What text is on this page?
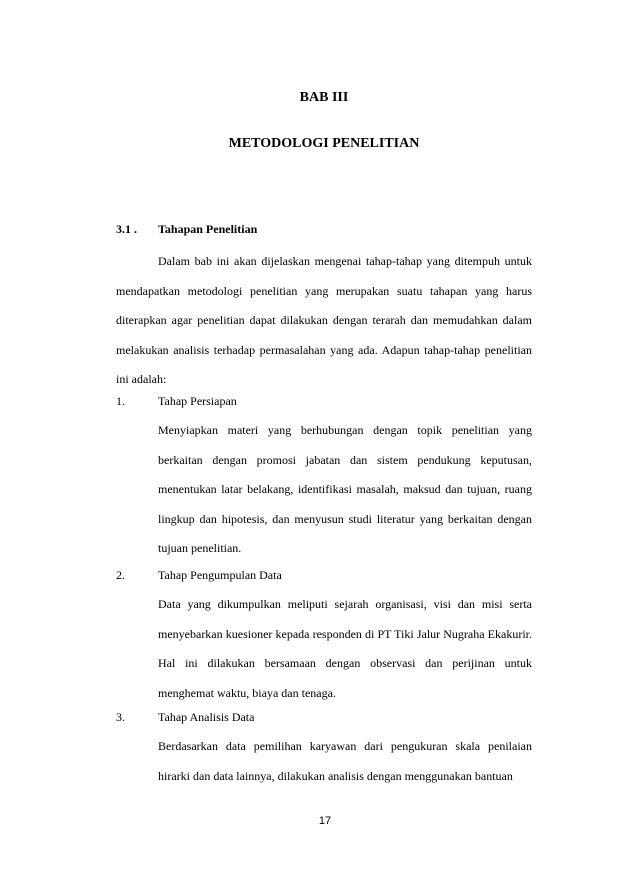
BAB III
METODOLOGI PENELITIAN
3.1 . Tahapan Penelitian

Dalam bab ini akan dijelaskan mengenai tahap-tahap yang ditempuh untuk mendapatkan metodologi penelitian yang merupakan suatu tahapan yang harus diterapkan agar penelitian dapat dilakukan dengan terarah dan memudahkan dalam melakukan analisis terhadap permasalahan yang ada. Adapun tahap-tahap penelitian ini adalah:

1.	Tahap Persiapan

Menyiapkan materi yang berhubungan dengan topik penelitian yang berkaitan dengan promosi jabatan dan sistem pendukung keputusan, menentukan latar belakang, identifikasi masalah, maksud dan tujuan, ruang lingkup dan hipotesis, dan menyusun studi literatur yang berkaitan dengan tujuan penelitian.

2.	Tahap Pengumpulan Data

Data yang dikumpulkan meliputi sejarah organisasi, visi dan misi serta menyebarkan kuesioner kepada responden di PT Tiki Jalur Nugraha Ekakurir. Hal ini dilakukan bersamaan dengan observasi dan perijinan untuk menghemat waktu, biaya dan tenaga.

3.	Tahap Analisis Data

Berdasarkan data pemilihan karyawan dari pengukuran skala penilaian hirarki dan data lainnya, dilakukan analisis dengan menggunakan bantuan

17
